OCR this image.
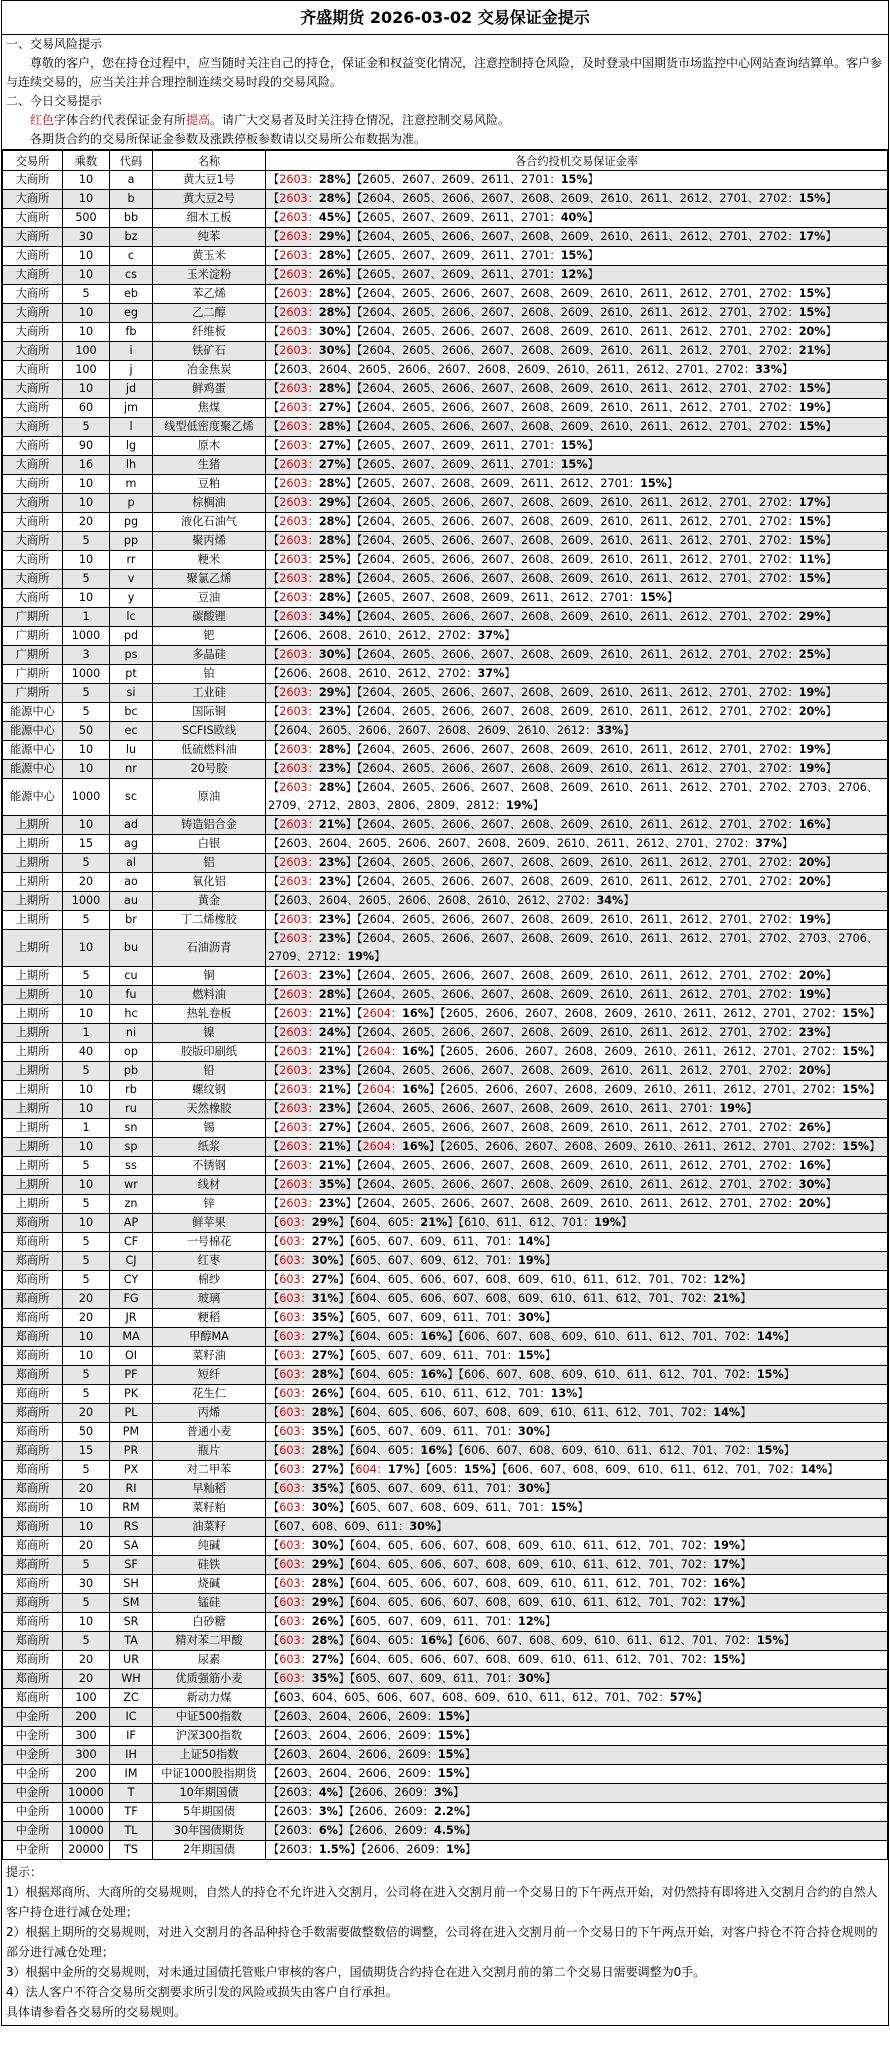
齐盛期货 2026-03-02 交易保证金提示

一、交易风险提示

尊敬的客户，您在持仓过程中，应当随时关注自己的持仓，保证金和权益变化情况，注意控制持仓风险，及时登录中国期货市场监控中心网站查询结算单。客户参与连续交易的，应当关注并合理控制连续交易时段的交易风险。

二、今日交易提示

红色字体合约代表保证金有所提高。请广大交易者及时关注持仓情况，注意控制交易风险。

各期货合约的交易所保证金参数及涨跌停板参数请以交易所公布数据为准。

交易所	乘数	代码	名称	各合约投机交易保证金率
大商所	10	a	黄大豆1号	【2603：28%】【2605、2607、2609、2611、2701：15%】
大商所	10	b	黄大豆2号	【2603：28%】【2604、2605、2606、2607、2608、2609、2610、2611、2612、2701、2702：15%】
大商所	500	bb	细木工板	【2603：45%】【2605、2607、2609、2611、2701：40%】
大商所	30	bz	纯苯	【2603：29%】【2604、2605、2606、2607、2608、2609、2610、2611、2612、2701、2702：17%】
大商所	10	c	黄玉米	【2603：28%】【2605、2607、2609、2611、2701：15%】
大商所	10	cs	玉米淀粉	【2603：26%】【2605、2607、2609、2611、2701：12%】
大商所	5	eb	苯乙烯	【2603：28%】【2604、2605、2606、2607、2608、2609、2610、2611、2612、2701、2702：15%】
大商所	10	eg	乙二醇	【2603：28%】【2604、2605、2606、2607、2608、2609、2610、2611、2612、2701、2702：15%】
大商所	10	fb	纤维板	【2603：30%】【2604、2605、2606、2607、2608、2609、2610、2611、2612、2701、2702：20%】
大商所	100	i	铁矿石	【2603：30%】【2604、2605、2606、2607、2608、2609、2610、2611、2612、2701、2702：21%】
大商所	100	j	冶金焦炭	【2603、2604、2605、2606、2607、2608、2609、2610、2611、2612、2701、2702：33%】
大商所	10	jd	鲜鸡蛋	【2603：28%】【2604、2605、2606、2607、2608、2609、2610、2611、2612、2701、2702：15%】
大商所	60	jm	焦煤	【2603：27%】【2604、2605、2606、2607、2608、2609、2610、2611、2612、2701、2702：19%】
大商所	5	l	线型低密度聚乙烯	【2603：28%】【2604、2605、2606、2607、2608、2609、2610、2611、2612、2701、2702：15%】
大商所	90	lg	原木	【2603：27%】【2605、2607、2609、2611、2701：15%】
大商所	16	lh	生猪	【2603：27%】【2605、2607、2609、2611、2701：15%】
大商所	10	m	豆粕	【2603：28%】【2605、2607、2608、2609、2611、2612、2701：15%】
大商所	10	p	棕榈油	【2603：29%】【2604、2605、2606、2607、2608、2609、2610、2611、2612、2701、2702：17%】
大商所	20	pg	液化石油气	【2603：28%】【2604、2605、2606、2607、2608、2609、2610、2611、2612、2701、2702：15%】
大商所	5	pp	聚丙烯	【2603：28%】【2604、2605、2606、2607、2608、2609、2610、2611、2612、2701、2702：15%】
大商所	10	rr	粳米	【2603：25%】【2604、2605、2606、2607、2608、2609、2610、2611、2612、2701、2702：11%】
大商所	5	v	聚氯乙烯	【2603：28%】【2604、2605、2606、2607、2608、2609、2610、2611、2612、2701、2702：15%】
大商所	10	y	豆油	【2603：28%】【2605、2607、2608、2609、2611、2612、2701：15%】
广期所	1	lc	碳酸锂	【2603：34%】【2604、2605、2606、2607、2608、2609、2610、2611、2612、2701、2702：29%】
广期所	1000	pd	钯	【2606、2608、2610、2612、2702：37%】
广期所	3	ps	多晶硅	【2603：30%】【2604、2605、2606、2607、2608、2609、2610、2611、2612、2701、2702：25%】
广期所	1000	pt	铂	【2606、2608、2610、2612、2702：37%】
广期所	5	si	工业硅	【2603：29%】【2604、2605、2606、2607、2608、2609、2610、2611、2612、2701、2702：19%】
能源中心	5	bc	国际铜	【2603：23%】【2604、2605、2606、2607、2608、2609、2610、2611、2612、2701、2702：20%】
能源中心	50	ec	SCFIS欧线	【2604、2605、2606、2607、2608、2609、2610、2612：33%】
能源中心	10	lu	低硫燃料油	【2603：28%】【2604、2605、2606、2607、2608、2609、2610、2611、2612、2701、2702：19%】
能源中心	10	nr	20号胶	【2603：23%】【2604、2605、2606、2607、2608、2609、2610、2611、2612、2701、2702：19%】
能源中心	1000	sc	原油	【2603：28%】【2604、2605、2606、2607、2608、2609、2610、2611、2612、2701、2702、2703、2706、2709、2712、2803、2806、2809、2812：19%】
上期所	10	ad	铸造铝合金	【2603：21%】【2604、2605、2606、2607、2608、2609、2610、2611、2612、2701、2702：16%】
上期所	15	ag	白银	【2603、2604、2605、2606、2607、2608、2609、2610、2611、2612、2701、2702：37%】
上期所	5	al	铝	【2603：23%】【2604、2605、2606、2607、2608、2609、2610、2611、2612、2701、2702：20%】
上期所	20	ao	氧化铝	【2603：23%】【2604、2605、2606、2607、2608、2609、2610、2611、2612、2701、2702：20%】
上期所	1000	au	黄金	【2603、2604、2605、2606、2608、2610、2612、2702：34%】
上期所	5	br	丁二烯橡胶	【2603：23%】【2604、2605、2606、2607、2608、2609、2610、2611、2612、2701、2702：19%】
上期所	10	bu	石油沥青	【2603：23%】【2604、2605、2606、2607、2608、2609、2610、2611、2612、2701、2702、2703、2706、2709、2712：19%】
上期所	5	cu	铜	【2603：23%】【2604、2605、2606、2607、2608、2609、2610、2611、2612、2701、2702：20%】
上期所	10	fu	燃料油	【2603：28%】【2604、2605、2606、2607、2608、2609、2610、2611、2612、2701、2702：19%】
上期所	10	hc	热轧卷板	【2603：21%】【2604：16%】【2605、2606、2607、2608、2609、2610、2611、2612、2701、2702：15%】
上期所	1	ni	镍	【2603：24%】【2604、2605、2606、2607、2608、2609、2610、2611、2612、2701、2702：23%】
上期所	40	op	胶版印刷纸	【2603：21%】【2604：16%】【2605、2606、2607、2608、2609、2610、2611、2612、2701、2702：15%】
上期所	5	pb	铅	【2603：23%】【2604、2605、2606、2607、2608、2609、2610、2611、2612、2701、2702：20%】
上期所	10	rb	螺纹钢	【2603：21%】【2604：16%】【2605、2606、2607、2608、2609、2610、2611、2612、2701、2702：15%】
上期所	10	ru	天然橡胶	【2603：23%】【2604、2605、2606、2607、2608、2609、2610、2611、2701：19%】
上期所	1	sn	锡	【2603：27%】【2604、2605、2606、2607、2608、2609、2610、2611、2612、2701、2702：26%】
上期所	10	sp	纸浆	【2603：21%】【2604：16%】【2605、2606、2607、2608、2609、2610、2611、2612、2701、2702：15%】
上期所	5	ss	不锈钢	【2603：21%】【2604、2605、2606、2607、2608、2609、2610、2611、2612、2701、2702：16%】
上期所	10	wr	线材	【2603：35%】【2604、2605、2606、2607、2608、2609、2610、2611、2612、2701、2702：30%】
上期所	5	zn	锌	【2603：23%】【2604、2605、2606、2607、2608、2609、2610、2611、2612、2701、2702：20%】
郑商所	10	AP	鲜苹果	【603：29%】【604、605：21%】【610、611、612、701：19%】
郑商所	5	CF	一号棉花	【603：27%】【605、607、609、611、701：14%】
郑商所	5	CJ	红枣	【603：30%】【605、607、609、612、701：19%】
郑商所	5	CY	棉纱	【603：27%】【604、605、606、607、608、609、610、611、612、701、702：12%】
郑商所	20	FG	玻璃	【603：31%】【604、605、606、607、608、609、610、611、612、701、702：21%】
郑商所	20	JR	粳稻	【603：35%】【605、607、609、611、701：30%】
郑商所	10	MA	甲醇MA	【603：27%】【604、605：16%】【606、607、608、609、610、611、612、701、702：14%】
郑商所	10	OI	菜籽油	【603：27%】【605、607、609、611、701：15%】
郑商所	5	PF	短纤	【603：28%】【604、605：16%】【606、607、608、609、610、611、612、701、702：15%】
郑商所	5	PK	花生仁	【603：26%】【604、605、610、611、612、701：13%】
郑商所	20	PL	丙烯	【603：28%】【604、605、606、607、608、609、610、611、612、701、702：14%】
郑商所	50	PM	普通小麦	【603：35%】【605、607、609、611、701：30%】
郑商所	15	PR	瓶片	【603：28%】【604、605：16%】【606、607、608、609、610、611、612、701、702：15%】
郑商所	5	PX	对二甲苯	【603：27%】【604：17%】【605：15%】【606、607、608、609、610、611、612、701、702：14%】
郑商所	20	RI	早籼稻	【603：35%】【605、607、609、611、701：30%】
郑商所	10	RM	菜籽粕	【603：30%】【605、607、608、609、611、701：15%】
郑商所	10	RS	油菜籽	【607、608、609、611：30%】
郑商所	20	SA	纯碱	【603：30%】【604、605、606、607、608、609、610、611、612、701、702：19%】
郑商所	5	SF	硅铁	【603：29%】【604、605、606、607、608、609、610、611、612、701、702：17%】
郑商所	30	SH	烧碱	【603：28%】【604、605、606、607、608、609、610、611、612、701、702：16%】
郑商所	5	SM	锰硅	【603：29%】【604、605、606、607、608、609、610、611、612、701、702：17%】
郑商所	10	SR	白砂糖	【603：26%】【605、607、609、611、701：12%】
郑商所	5	TA	精对苯二甲酸	【603：28%】【604、605：16%】【606、607、608、609、610、611、612、701、702：15%】
郑商所	20	UR	尿素	【603：27%】【604、605、606、607、608、609、610、611、612、701、702：15%】
郑商所	20	WH	优质强筋小麦	【603：35%】【605、607、609、611、701：30%】
郑商所	100	ZC	新动力煤	【603、604、605、606、607、608、609、610、611、612、701、702：57%】
中金所	200	IC	中证500指数	【2603、2604、2606、2609：15%】
中金所	300	IF	沪深300指数	【2603、2604、2606、2609：15%】
中金所	300	IH	上证50指数	【2603、2604、2606、2609：15%】
中金所	200	IM	中证1000股指期货	【2603、2604、2606、2609：15%】
中金所	10000	T	10年期国债	【2603：4%】【2606、2609：3%】
中金所	10000	TF	5年期国债	【2603：3%】【2606、2609：2.2%】
中金所	10000	TL	30年国债期货	【2603：6%】【2606、2609：4.5%】
中金所	20000	TS	2年期国债	【2603：1.5%】【2606、2609：1%】

提示：

1）根据郑商所、大商所的交易规则，自然人的持仓不允许进入交割月，公司将在进入交割月前一个交易日的下午两点开始，对仍然持有即将进入交割月合约的自然人客户持仓进行减仓处理；

2）根据上期所的交易规则，对进入交割月的各品种持仓手数需要做整数倍的调整，公司将在进入交割月前一个交易日的下午两点开始，对客户持仓不符合持仓规则的部分进行减仓处理；

3）根据中金所的交易规则，对未通过国债托管账户审核的客户，国债期货合约持仓在进入交割月前的第二个交易日需要调整为0手。

4）法人客户不符合交易所交割要求所引发的风险或损失由客户自行承担。

具体请参看各交易所的交易规则。
